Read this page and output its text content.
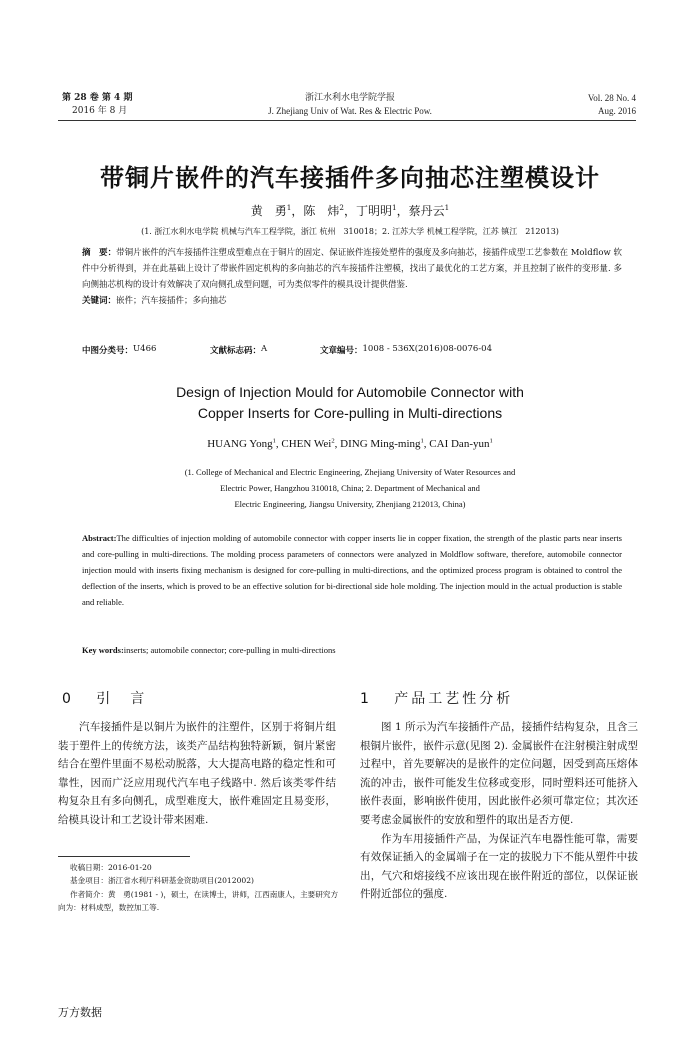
第 28 卷 第 4 期
2016 年 8 月
浙江水利水电学院学报
J. Zhejiang Univ of Wat. Res & Electric Pow.
Vol. 28 No. 4
Aug. 2016
带铜片嵌件的汽车接插件多向抽芯注塑模设计
黄　勇$^1$，陈　炜$^2$，丁明明$^1$，蔡丹云$^1$
(1. 浙江水利水电学院 机械与汽车工程学院，浙江 杭州　310018；2. 江苏大学 机械工程学院，江苏 镇江　212013)
摘　要：带铜片嵌件的汽车接插件注塑成型难点在于铜片的固定、保证嵌件连接处塑件的强度及多向抽芯，接插件成型工艺参数在 Moldflow 软件中分析得到，并在此基础上设计了带嵌件固定机构的多向抽芯的汽车接插件注塑模，找出了最优化的工艺方案，并且控制了嵌件的变形量. 多向侧抽芯机构的设计有效解决了双向侧孔成型问题，可为类似零件的模具设计提供借鉴.
关键词：嵌件；汽车接插件；多向抽芯
中图分类号： U466	文献标志码： A	文章编号： 1008 - 536X(2016)08-0076-04
Design of Injection Mould for Automobile Connector with
Copper Inserts for Core-pulling in Multi-directions
HUANG Yong$^1$, CHEN Wei$^2$, DING Ming-ming$^1$, CAI Dan-yun$^1$
(1. College of Mechanical and Electric Engineering, Zhejiang University of Water Resources and
Electric Power, Hangzhou 310018, China; 2. Department of Mechanical and
Electric Engineering, Jiangsu University, Zhenjiang 212013, China)
Abstract:The difficulties of injection molding of automobile connector with copper inserts lie in copper fixation, the strength of the plastic parts near inserts and core-pulling in multi-directions. The molding process parameters of connectors were analyzed in Moldflow software, therefore, automobile connector injection mould with inserts fixing mechanism is designed for core-pulling in multi-directions, and the optimized process program is obtained to control the deflection of the inserts, which is proved to be an effective solution for bi-directional side hole molding. The injection mould in the actual production is stable and reliable.
Key words:inserts; automobile connector; core-pulling in multi-directions
0 引　言	1 产品工艺性分析

汽车接插件是以铜片为嵌件的注塑件，区别于将铜片组装于塑件上的传统方法，该类产品结构独特新颖，铜片紧密结合在塑件里面不易松动脱落，大大提高电路的稳定性和可靠性，因而广泛应用现代汽车电子线路中. 然后该类零件结构复杂且有多向侧孔，成型难度大，嵌件难固定且易变形，给模具设计和工艺设计带来困难.

图 1 所示为汽车接插件产品，接插件结构复杂，且含三根铜片嵌件，嵌件示意(见图 2). 金属嵌件在注射模注射成型过程中，首先要解决的是嵌件的定位问题，因受到高压熔体流的冲击，嵌件可能发生位移或变形，同时塑料还可能挤入嵌件表面，影响嵌件使用，因此嵌件必须可靠定位；其次还要考虑金属嵌件的安放和塑件的取出是否方便.

作为车用接插件产品，为保证汽车电器性能可靠，需要有效保证插入的金属端子在一定的拔脱力下不能从塑件中拔出，气穴和熔接线不应该出现在嵌件附近的部位，以保证嵌件附近部位的强度.

收稿日期：2016-01-20

基金项目：浙江省水利厅科研基金资助项目(2012002)

作者简介：黄　勇(1981 - )，硕士，在读博士，讲师，江西南康人，主要研究方向为：材料成型，数控加工等.

万方数据
